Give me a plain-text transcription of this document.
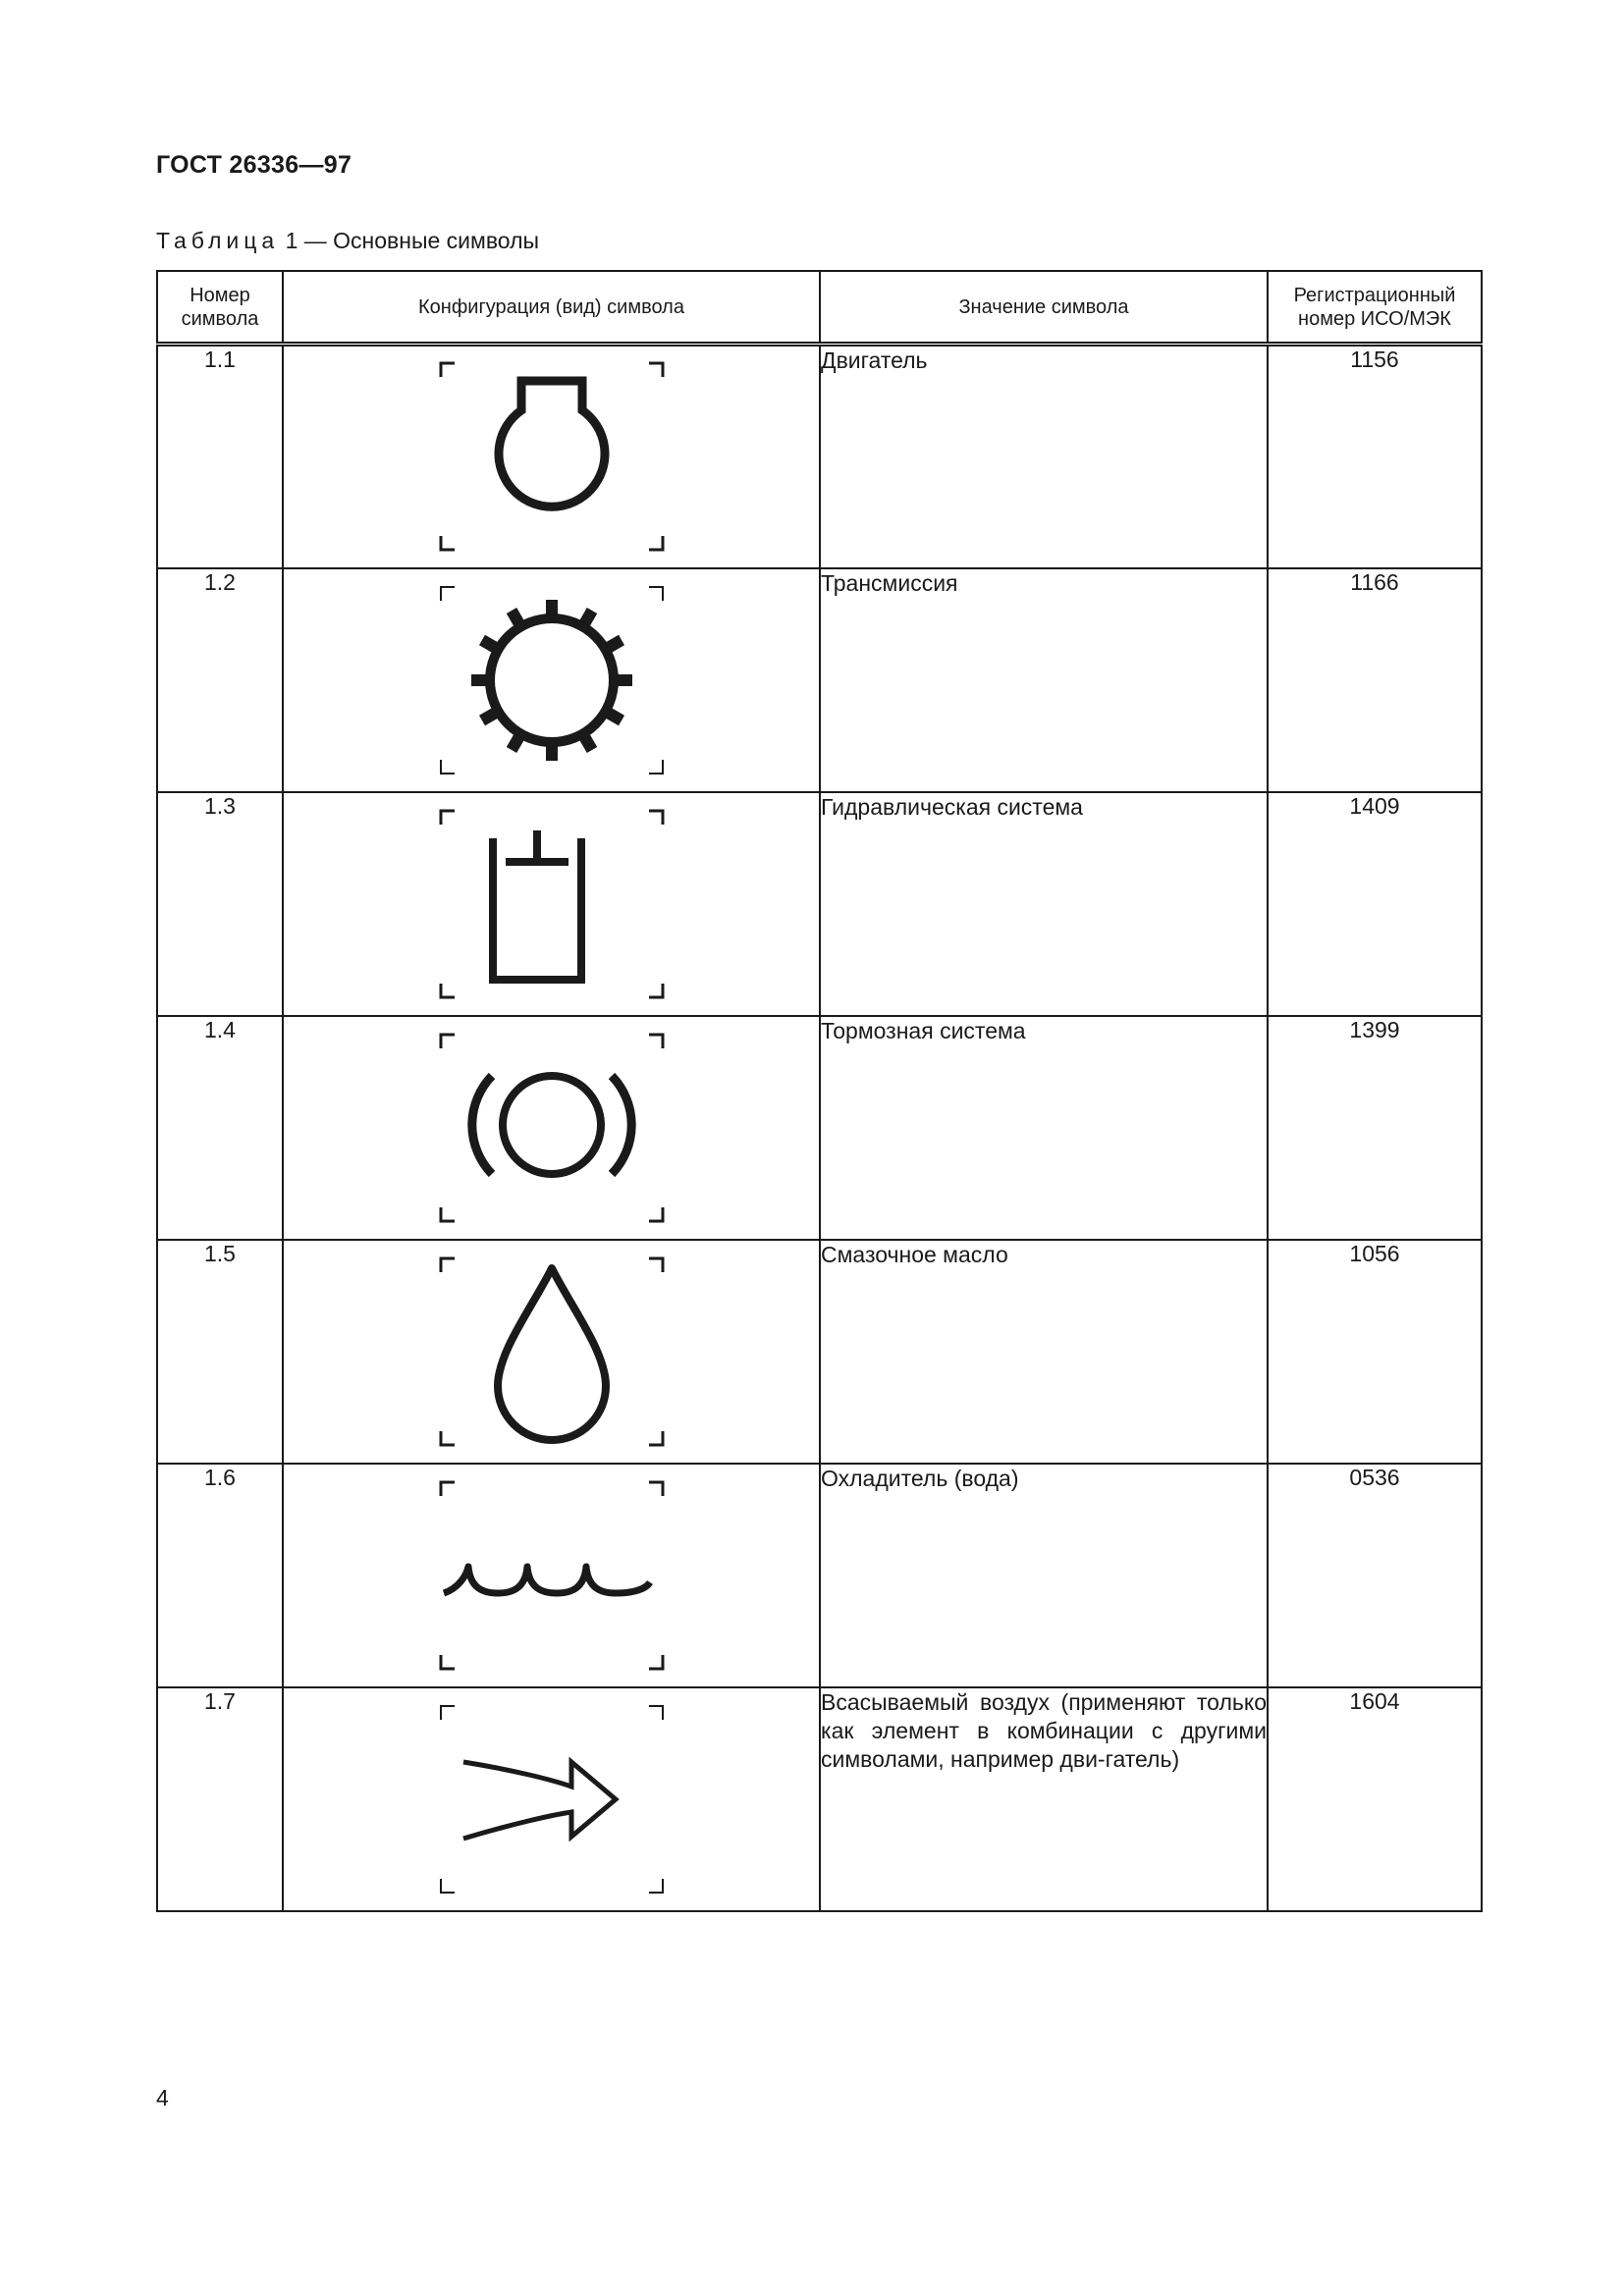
ГОСТ 26336—97
Таблица 1 — Основные символы
Номер символа	Конфигурация (вид) символа	Значение символа	Регистрационный номер ИСО/МЭК
1.1		Двигатель	1156
1.2		Трансмиссия	1166
1.3		Гидравлическая система	1409
1.4		Тормозная система	1399
1.5		Смазочное масло	1056
1.6		Охладитель (вода)	0536
1.7		Всасываемый воздух (применяют только как элемент в комбинации с другими символами, например дви-гатель)	1604
4
